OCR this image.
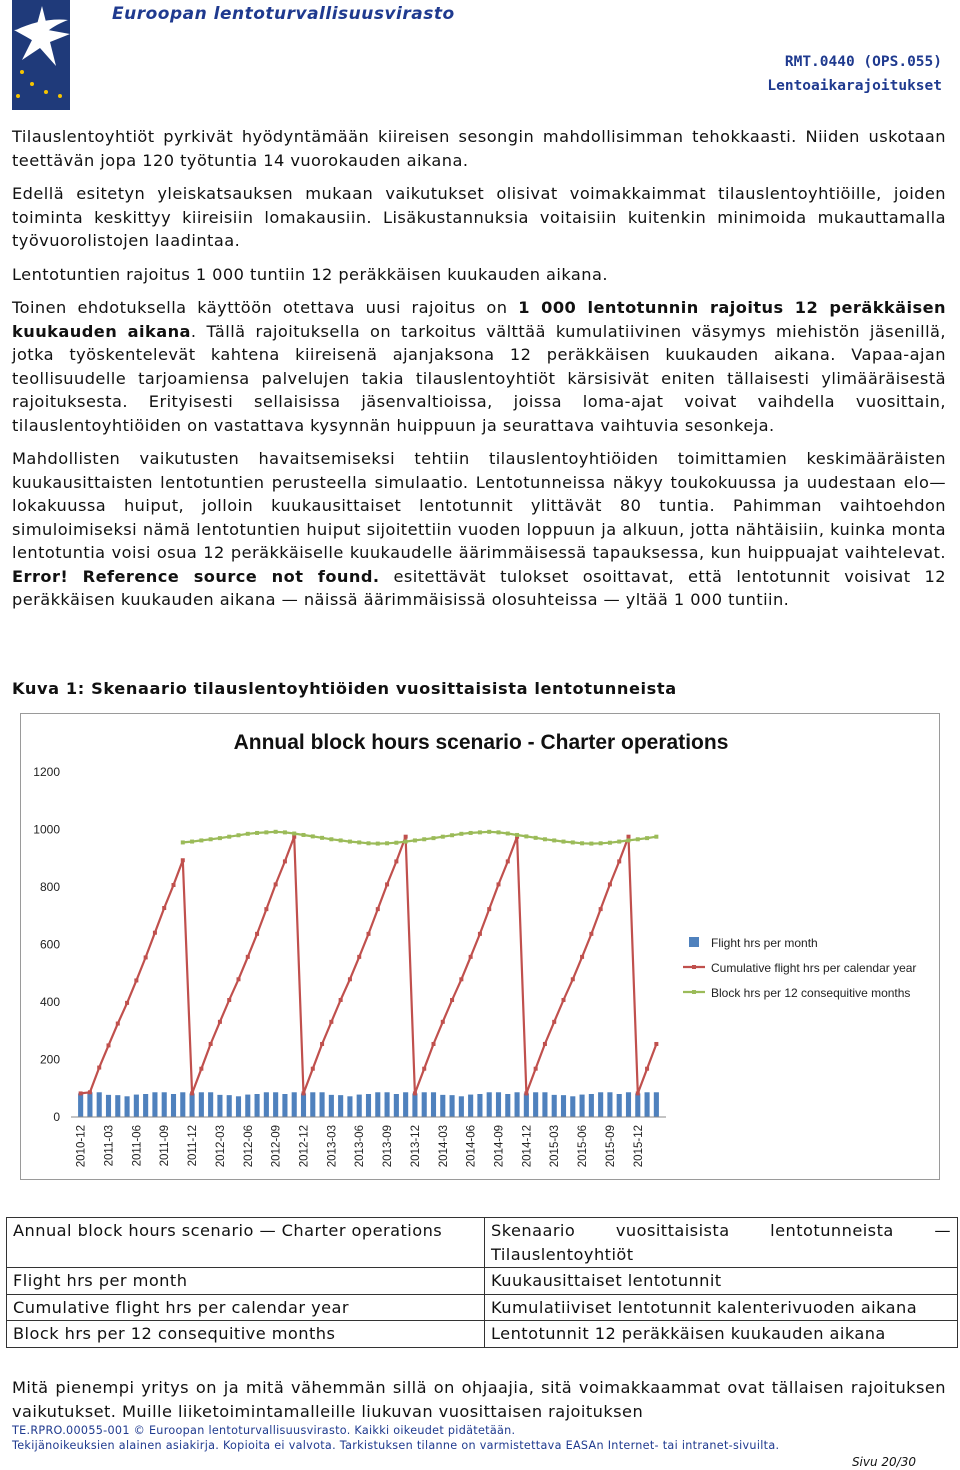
Euroopan lentoturvallisuusvirasto
RMT.0440 (OPS.055)
Lentoaikarajoitukset

Tilauslentoyhtiöt pyrkivät hyödyntämään kiireisen sesongin mahdollisimman tehokkaasti. Niiden uskotaan teettävän jopa 120 työtuntia 14 vuorokauden aikana.

Edellä esitetyn yleiskatsauksen mukaan vaikutukset olisivat voimakkaimmat tilauslentoyhtiöille, joiden toiminta keskittyy kiireisiin lomakausiin. Lisäkustannuksia voitaisiin kuitenkin minimoida mukauttamalla työvuorolistojen laadintaa.

Lentotuntien rajoitus 1 000 tuntiin 12 peräkkäisen kuukauden aikana.

Toinen ehdotuksella käyttöön otettava uusi rajoitus on 1 000 lentotunnin rajoitus 12 peräkkäisen kuukauden aikana. Tällä rajoituksella on tarkoitus välttää kumulatiivinen väsymys miehistön jäsenillä, jotka työskentelevät kahtena kiireisenä ajanjaksona 12 peräkkäisen kuukauden aikana. Vapaa-ajan teollisuudelle tarjoamiensa palvelujen takia tilauslentoyhtiöt kärsisivät eniten tällaisesti ylimääräisestä rajoituksesta. Erityisesti sellaisissa jäsenvaltioissa, joissa loma-ajat voivat vaihdella vuosittain, tilauslentoyhtiöiden on vastattava kysynnän huippuun ja seurattava vaihtuvia sesonkeja.

Mahdollisten vaikutusten havaitsemiseksi tehtiin tilauslentoyhtiöiden toimittamien keskimääräisten kuukausittaisten lentotuntien perusteella simulaatio. Lentotunneissa näkyy toukokuussa ja uudestaan elo—lokakuussa huiput, jolloin kuukausittaiset lentotunnit ylittävät 80 tuntia. Pahimman vaihtoehdon simuloimiseksi nämä lentotuntien huiput sijoitettiin vuoden loppuun ja alkuun, jotta nähtäisiin, kuinka monta lentotuntia voisi osua 12 peräkkäiselle kuukaudelle äärimmäisessä tapauksessa, kun huippuajat vaihtelevat. Error! Reference source not found. esitettävät tulokset osoittavat, että lentotunnit voisivat 12 peräkkäisen kuukauden aikana — näissä äärimmäisissä olosuhteissa — yltää 1 000 tuntiin.

Kuva 1: Skenaario tilauslentoyhtiöiden vuosittaisista lentotunneista
Annual block hours scenario - Charter operations
0
200
400
600
800
1000
1200
2010-12 2011-03 2011-06 2011-09 2011-12 2012-03 2012-06 2012-09 2012-12 2013-03 2013-06 2013-09 2013-12 2014-03 2014-06 2014-09 2014-12 2015-03 2015-06 2015-09 2015-12
Flight hrs per month
Cumulative flight hrs per calendar year
Block hrs per 12 consequitive months
Annual block hours scenario — Charter operations	Skenaario vuosittaisista lentotunneista — Tilauslentoyhtiöt
Flight hrs per month	Kuukausittaiset lentotunnit
Cumulative flight hrs per calendar year	Kumulatiiviset lentotunnit kalenterivuoden aikana
Block hrs per 12 consequitive months	Lentotunnit 12 peräkkäisen kuukauden aikana
Mitä pienempi yritys on ja mitä vähemmän sillä on ohjaajia, sitä voimakkaammat ovat tällaisen rajoituksen vaikutukset. Muille liiketoimintamalleille liukuvan vuosittaisen rajoituksen
TE.RPRO.00055-001 © Euroopan lentoturvallisuusvirasto. Kaikki oikeudet pidätetään.
Tekijänoikeuksien alainen asiakirja. Kopioita ei valvota. Tarkistuksen tilanne on varmistettava EASAn Internet- tai intranet-sivuilta.
Sivu 20/30
